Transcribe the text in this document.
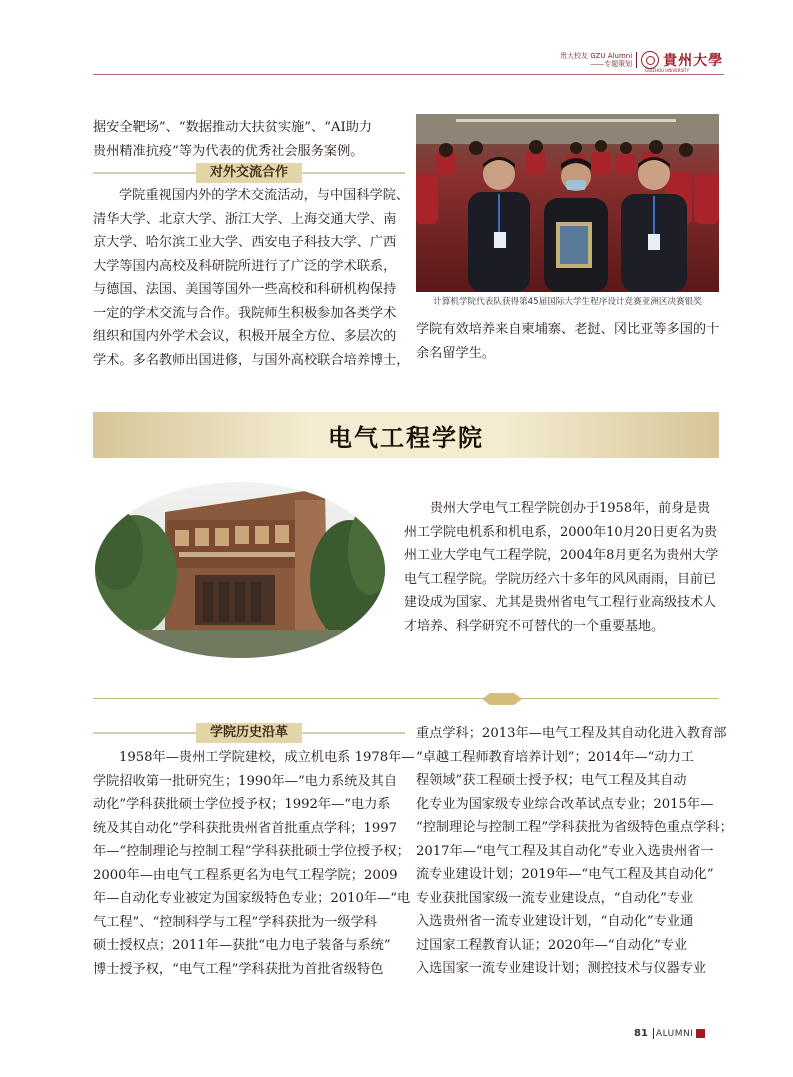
贵大校友 GZU Alumni
——专题策划 貴州大學
GUIZHOU UNIVERSITY
据安全靶场”、“数据推动大扶贫实施”、“AI助力
贵州精准抗疫”等为代表的优秀社会服务案例。
对外交流合作
学院重视国内外的学术交流活动，与中国科学院、
清华大学、北京大学、浙江大学、上海交通大学、南
京大学、哈尔滨工业大学、西安电子科技大学、广西
大学等国内高校及科研院所进行了广泛的学术联系，
与德国、法国、美国等国外一些高校和科研机构保持
一定的学术交流与合作。我院师生积极参加各类学术
组织和国内外学术会议，积极开展全方位、多层次的
学术。多名教师出国进修，与国外高校联合培养博士，
计算机学院代表队获得第45届国际大学生程序设计竞赛亚洲区决赛银奖
学院有效培养来自柬埔寨、老挝、冈比亚等多国的十
余名留学生。
电气工程学院
贵州大学电气工程学院创办于1958年，前身是贵
州工学院电机系和机电系，2000年10月20日更名为贵
州工业大学电气工程学院，2004年8月更名为贵州大学
电气工程学院。学院历经六十多年的风风雨雨，目前已
建设成为国家、尤其是贵州省电气工程行业高级技术人
才培养、科学研究不可替代的一个重要基地。
学院历史沿革
1958年—贵州工学院建校，成立机电系 1978年—
学院招收第一批研究生；1990年—“电力系统及其自
动化”学科获批硕士学位授予权；1992年—“电力系
统及其自动化”学科获批贵州省首批重点学科；1997
年—“控制理论与控制工程”学科获批硕士学位授予权；
2000年—由电气工程系更名为电气工程学院；2009
年—自动化专业被定为国家级特色专业；2010年—“电
气工程”、“控制科学与工程”学科获批为一级学科
硕士授权点；2011年—获批“电力电子装备与系统”
博士授予权，“电气工程”学科获批为首批省级特色
重点学科；2013年—电气工程及其自动化进入教育部
“卓越工程师教育培养计划”；2014年—“动力工
程领域”获工程硕士授予权；电气工程及其自动
化专业为国家级专业综合改革试点专业；2015年—
“控制理论与控制工程”学科获批为省级特色重点学科；
2017年—“电气工程及其自动化”专业入选贵州省一
流专业建设计划；2019年—“电气工程及其自动化”
专业获批国家级一流专业建设点，“自动化”专业
入选贵州省一流专业建设计划，“自动化”专业通
过国家工程教育认证；2020年—“自动化”专业
入选国家一流专业建设计划；测控技术与仪器专业
81 ALUMNI
